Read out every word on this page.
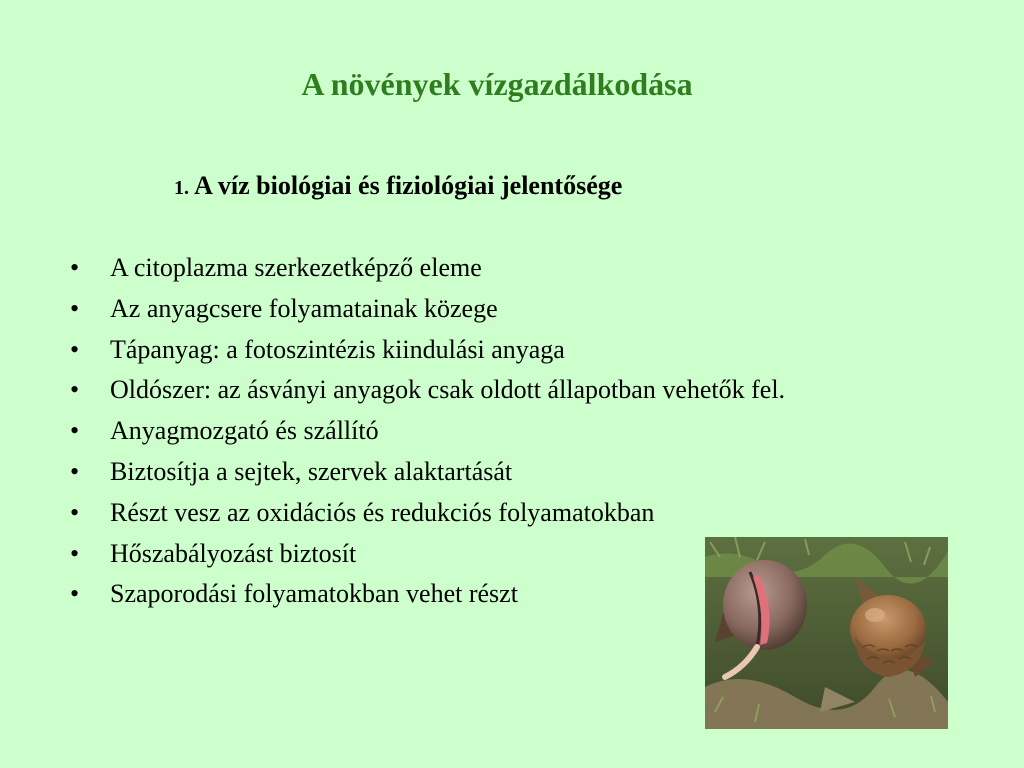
A növények vízgazdálkodása
1. A víz biológiai és fiziológiai jelentősége
• A citoplazma szerkezetképző eleme
• Az anyagcsere folyamatainak közege
• Tápanyag: a fotoszintézis kiindulási anyaga
• Oldószer: az ásványi anyagok csak oldott állapotban vehetők fel.
• Anyagmozgató és szállító
• Biztosítja a sejtek, szervek alaktartását
• Részt vesz az oxidációs és redukciós folyamatokban
• Hőszabályozást biztosít
• Szaporodási folyamatokban vehet részt
